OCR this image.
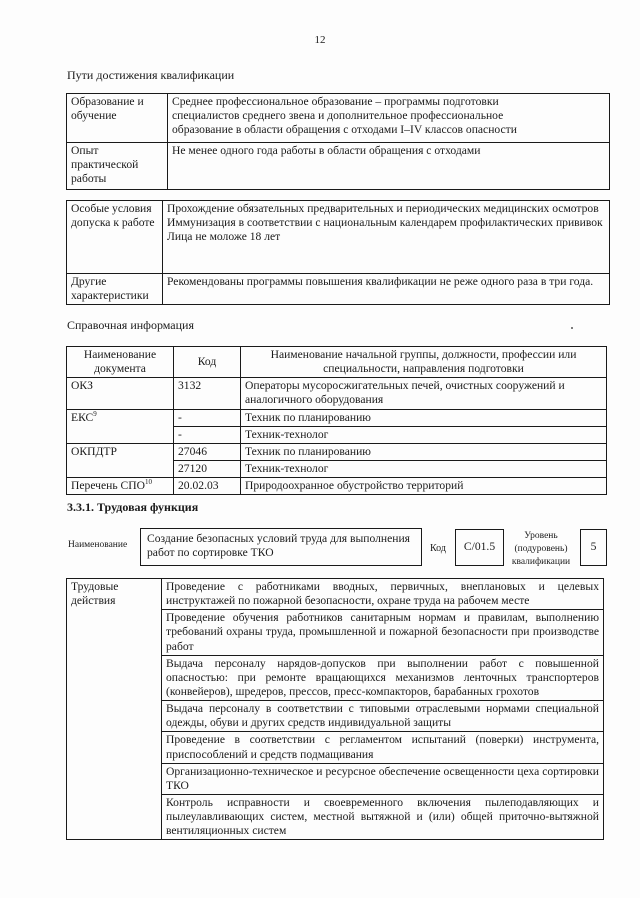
12
Пути достижения квалификации
Образование и обучение	Среднее профессиональное образование – программы подготовки
специалистов среднего звена и дополнительное профессиональное
образование в области обращения с отходами I–IV классов опасности

Опыт практической работы	Не менее одного года работы в области обращения с отходами
Особые условия допуска к работе	Прохождение обязательных предварительных и периодических медицинских осмотров
Иммунизация в соответствии с национальным календарем профилактических прививок
Лица не моложе 18 лет

Другие характеристики	Рекомендованы программы повышения квалификации не реже одного раза в три года.
Справочная информация
Наименование документа	Код	Наименование начальной группы, должности, профессии или специальности, направления подготовки
ОКЗ	3132	Операторы мусоросжигательных печей, очистных сооружений и аналогичного оборудования
ЕКС$^9$	-	Техник по планированию
	-	Техник-технолог
ОКПДТР	27046	Техник по планированию
	27120	Техник-технолог
Перечень СПО$^{10}$	20.02.03	Природоохранное обустройство территорий
3.3.1. Трудовая функция
Наименование	Создание безопасных условий труда для выполнения работ по сортировке ТКО	Код	С/01.5
Уровень (подуровень) квалификации
5
Трудовые действия	Проведение с работниками вводных, первичных, внеплановых и целевых инструктажей по пожарной безопасности, охране труда на рабочем месте
Проведение обучения работников санитарным нормам и правилам, выполнению требований охраны труда, промышленной и пожарной безопасности при производстве работ
Выдача персоналу нарядов-допусков при выполнении работ с повышенной опасностью: при ремонте вращающихся механизмов ленточных транспортеров (конвейеров), шредеров, прессов, пресс-компакторов, барабанных грохотов
Выдача персоналу в соответствии с типовыми отраслевыми нормами специальной одежды, обуви и других средств индивидуальной защиты
Проведение в соответствии с регламентом испытаний (поверки) инструмента, приспособлений и средств подмащивания
Организационно-техническое и ресурсное обеспечение освещенности цеха сортировки ТКО
Контроль исправности и своевременного включения пылеподавляющих и пылеулавливающих систем, местной вытяжной и (или) общей приточно-вытяжной вентиляционных систем
